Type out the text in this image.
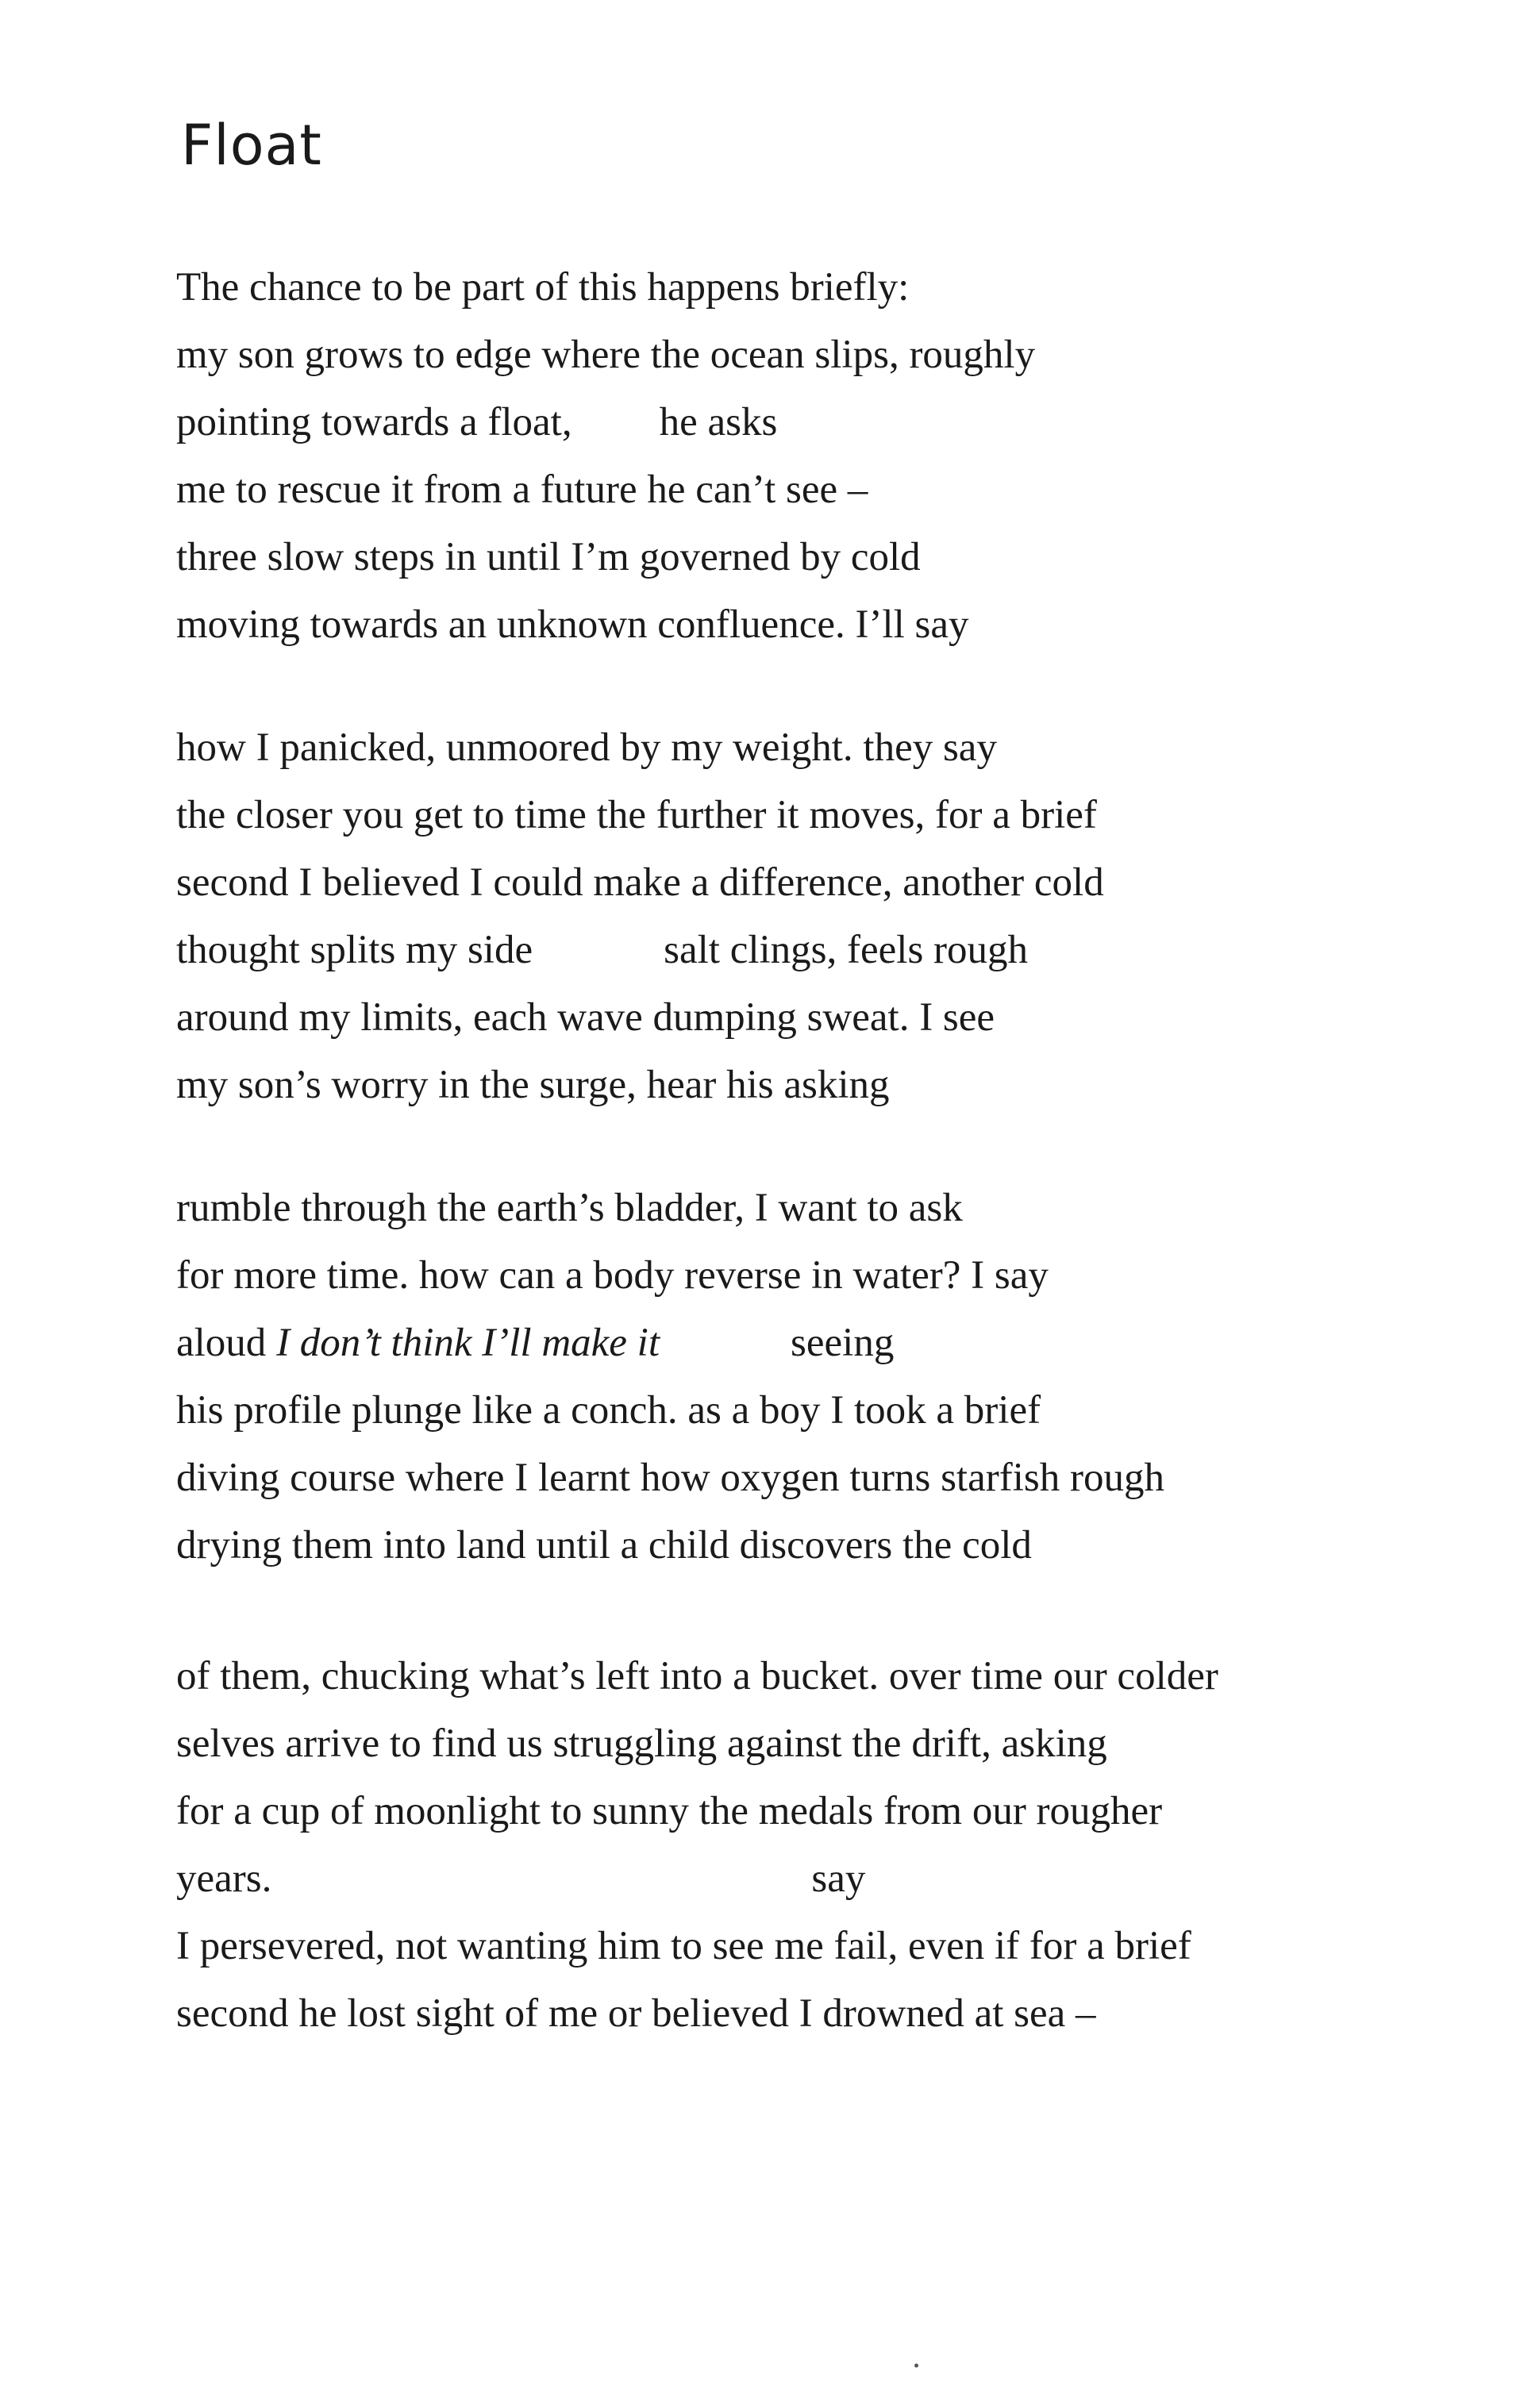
Float
The chance to be part of this happens briefly:
my son grows to edge where the ocean slips, roughly
pointing towards a float, he asks
me to rescue it from a future he can’t see –
three slow steps in until I’m governed by cold
moving towards an unknown confluence. I’ll say
how I panicked, unmoored by my weight. they say
the closer you get to time the further it moves, for a brief
second I believed I could make a difference, another cold
thought splits my side	salt clings, feels rough
around my limits, each wave dumping sweat. I see
my son’s worry in the surge, hear his asking
rumble through the earth’s bladder, I want to ask
for more time. how can a body reverse in water? I say
aloud I don’t think I’ll make it	seeing
his profile plunge like a conch. as a boy I took a brief
diving course where I learnt how oxygen turns starfish rough
drying them into land until a child discovers the cold
of them, chucking what’s left into a bucket. over time our colder
selves arrive to find us struggling against the drift, asking
for a cup of moonlight to sunny the medals from our rougher
years.	say
I persevered, not wanting him to see me fail, even if for a brief
second he lost sight of me or believed I drowned at sea –
